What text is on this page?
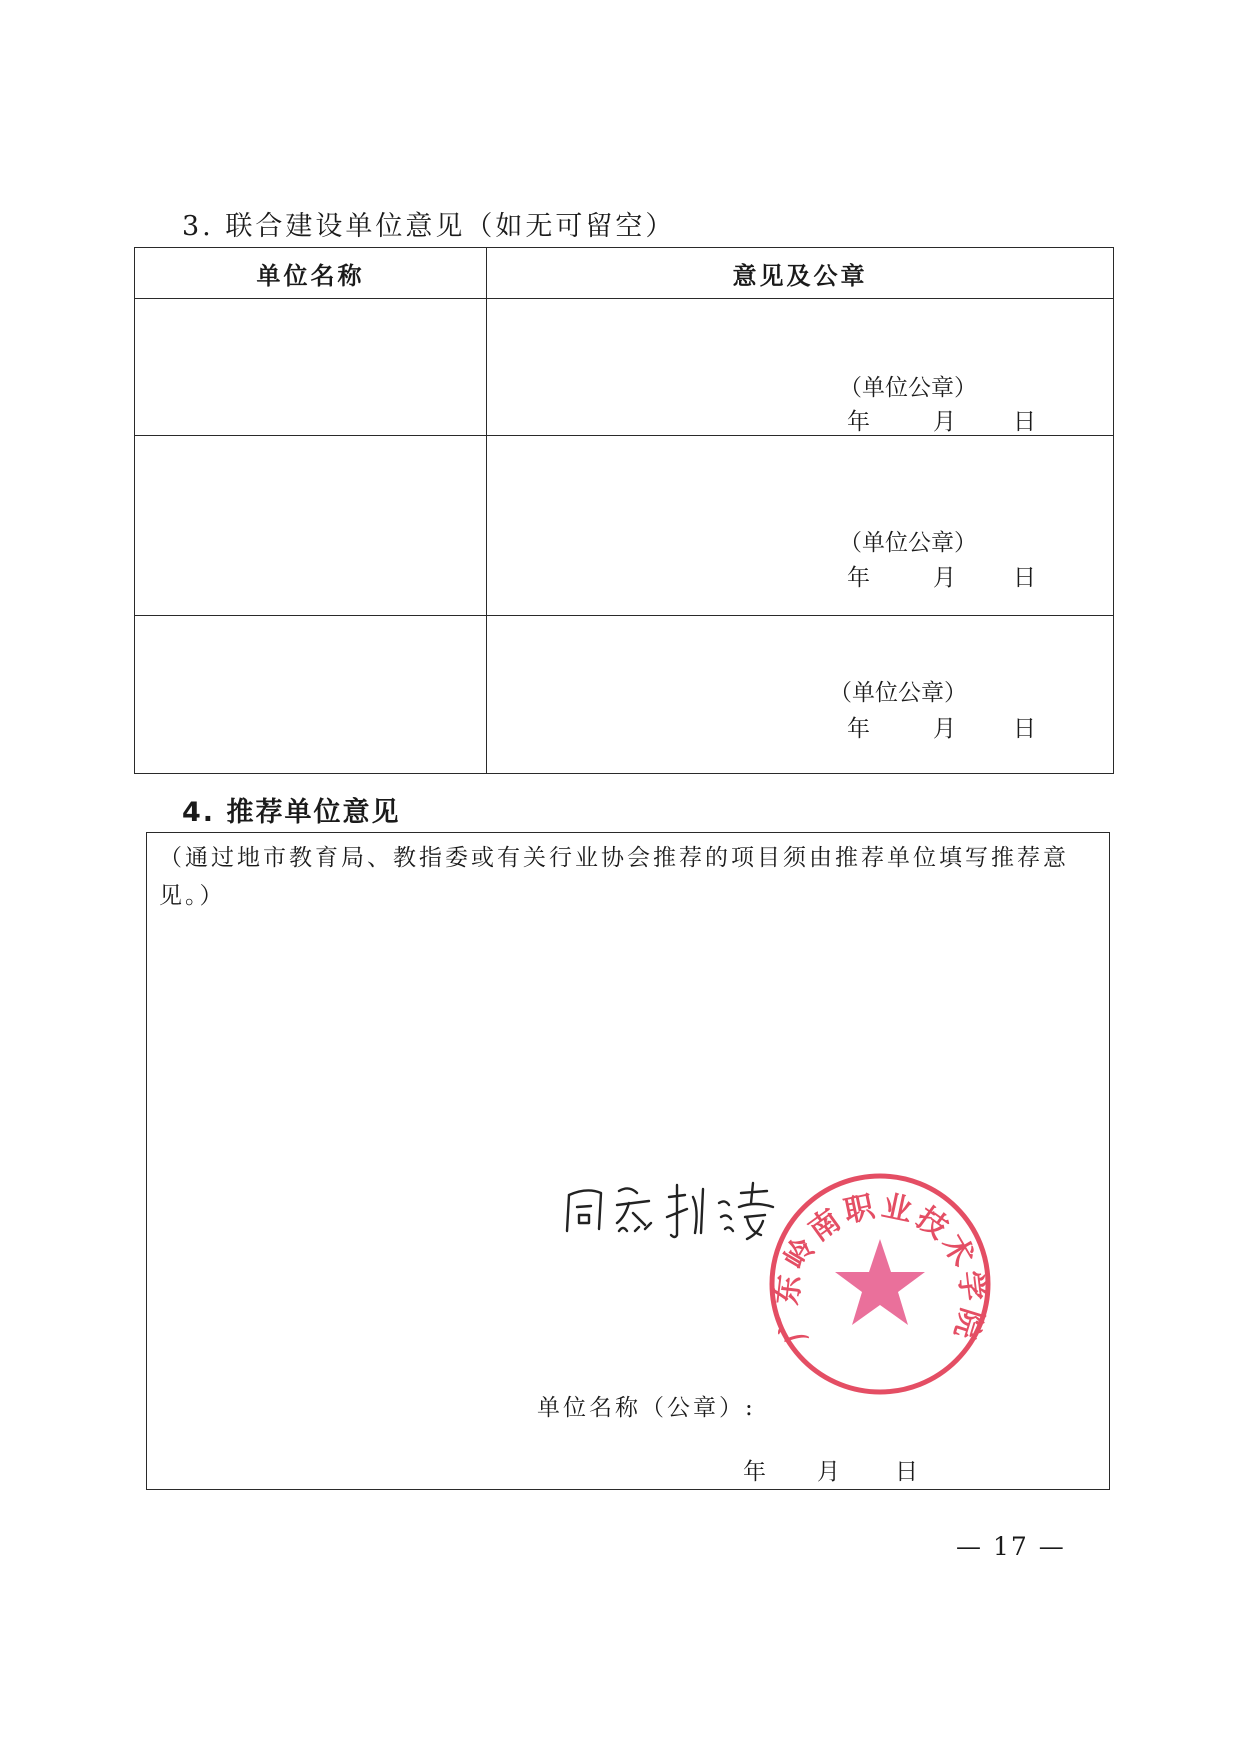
3. 联合建设单位意见（如无可留空）
单位名称	意见及公章

	（单位公章）
年 月 日

	（单位公章）
年 月 日

	（单位公章）
年 月 日
4. 推荐单位意见

（通过地市教育局、教指委或有关行业协会推荐的项目须由推荐单位填写推荐意见。）

广东岭南职业技术学院
单位名称（公章）:
年 月 日
— 17 —
